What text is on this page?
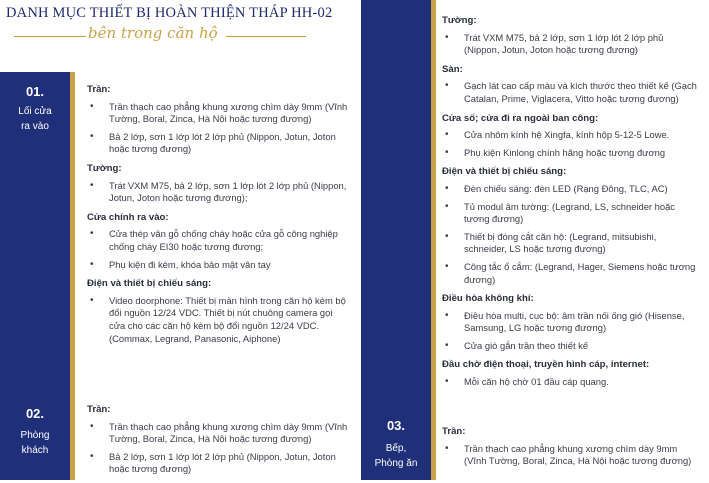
DANH MỤC THIẾT BỊ HOÀN THIỆN THÁP HH-02
bên trong căn hộ
01.
Lối cửa
ra vào
02.
Phòng
khách
03.
Bếp,
Phòng ăn
Trần:
• Trần thạch cao phẳng khung xương chìm dày 9mm (Vĩnh Tường, Boral, Zinca, Hà Nội hoặc tương đương)
• Bả 2 lớp, sơn 1 lớp lót 2 lớp phủ (Nippon, Jotun, Joton hoặc tương đương)
Tường:
• Trát VXM M75, bả 2 lớp, sơn 1 lớp lót 2 lớp phủ (Nippon, Jotun, Joton hoặc tương đương);
Cửa chính ra vào:
• Cửa thép vân gỗ chống cháy hoặc cửa gỗ công nghiệp chống cháy EI30 hoặc tương đương;
• Phụ kiện đi kèm, khóa bảo mật vân tay
Điện và thiết bị chiếu sáng:
• Video doorphone: Thiết bị màn hình trong căn hộ kèm bộ đổi nguồn 12/24 VDC. Thiết bị nút chuông camera gọi cửa cho các căn hộ kèm bộ đổi nguồn 12/24 VDC. (Commax, Legrand, Panasonic, Aiphone)
Trần:
• Trần thạch cao phẳng khung xương chìm dày 9mm (Vĩnh Tường, Boral, Zinca, Hà Nội hoặc tương đương)
• Bả 2 lớp, sơn 1 lớp lót 2 lớp phủ (Nippon, Jotun, Joton hoặc tương đương)
Tường:
• Trát VXM M75, bả 2 lớp, sơn 1 lớp lót 2 lớp phủ (Nippon, Jotun, Joton hoặc tương đương)
Sàn:
• Gạch lát cao cấp màu và kích thước theo thiết kế (Gạch Catalan, Prime, Viglacera, Vitto hoặc tương đương)
Cửa số; cửa đi ra ngoài ban công:
• Cửa nhôm kính hệ Xingfa, kính hộp 5-12-5 Lowe.
• Phụ kiện Kinlong chính hãng hoặc tương đương
Điện và thiết bị chiếu sáng:
• Đèn chiếu sáng: đèn LED (Rạng Đông, TLC, AC)
• Tủ modul âm tường: (Legrand, LS, schneider hoặc tương đương)
• Thiết bị đóng cắt căn hộ: (Legrand, mitsubishi, schneider, LS hoặc tương đương)
• Công tắc ổ cắm: (Legrand, Hager, Siemens hoặc tương đương)
Điều hòa không khí:
• Điều hòa multi, cục bộ: âm trần nối ống gió (Hisense, Samsung, LG hoặc tương đương)
• Cửa gió gắn trần theo thiết kế
Đầu chờ điện thoại, truyền hình cáp, internet:
• Mỗi căn hộ chờ 01 đầu cáp quang.
Trần:
• Trần thạch cao phẳng khung xương chìm dày 9mm (Vĩnh Tường, Boral, Zinca, Hà Nội hoặc tương đương)
